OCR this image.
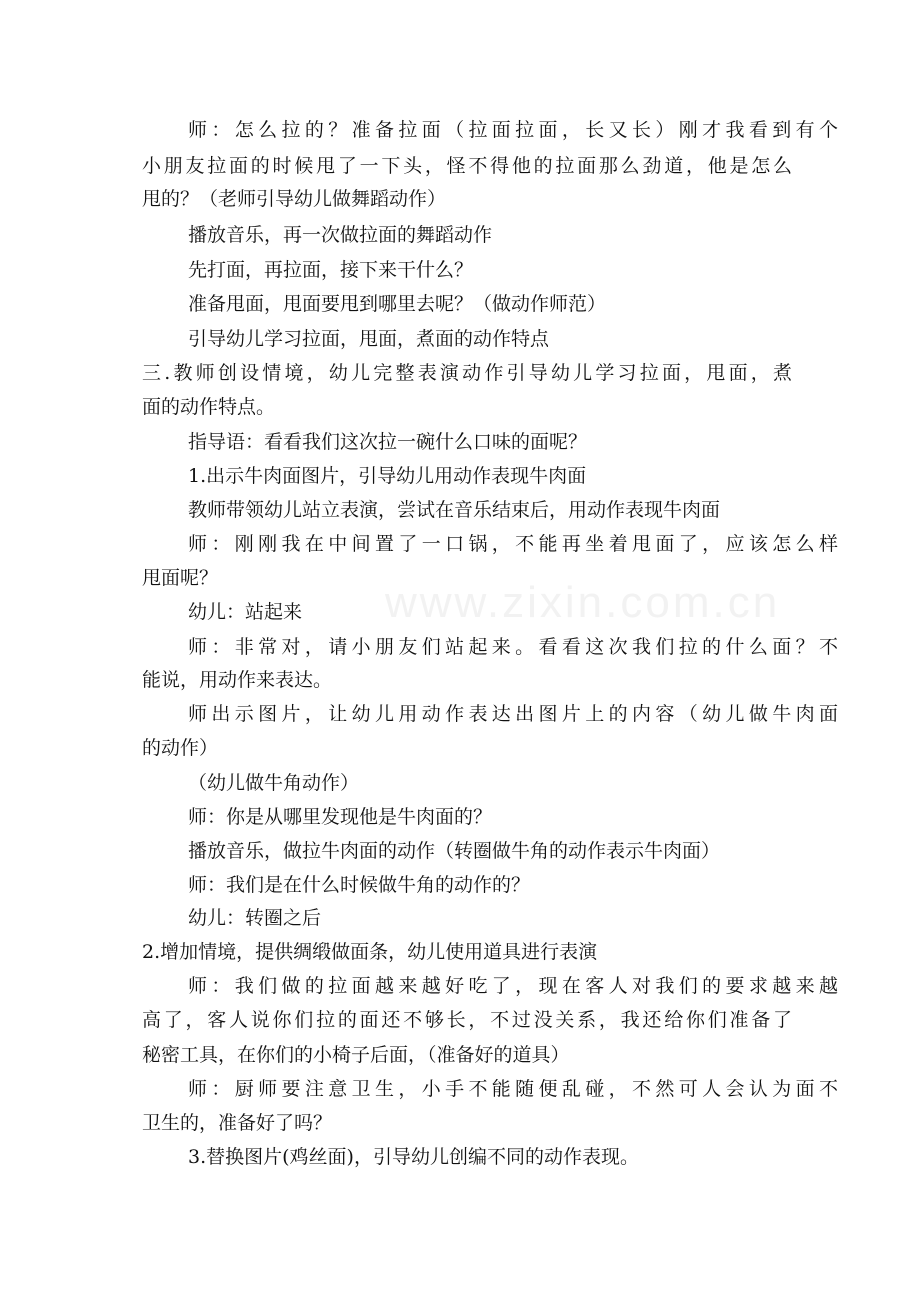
www.zixin.com.cn
师：怎么拉的？准备拉面（拉面拉面，长又长）刚才我看到有个
小朋友拉面的时候甩了一下头，怪不得他的拉面那么劲道，他是怎么
甩的？（老师引导幼儿做舞蹈动作）
播放音乐，再一次做拉面的舞蹈动作
先打面，再拉面，接下来干什么？
准备甩面，甩面要甩到哪里去呢？（做动作师范）
引导幼儿学习拉面，甩面，煮面的动作特点
三.教师创设情境，幼儿完整表演动作引导幼儿学习拉面，甩面，煮
面的动作特点。
指导语：看看我们这次拉一碗什么口味的面呢？
1.出示牛肉面图片，引导幼儿用动作表现牛肉面
教师带领幼儿站立表演，尝试在音乐结束后，用动作表现牛肉面
师：刚刚我在中间置了一口锅，不能再坐着甩面了，应该怎么样
甩面呢？
幼儿：站起来
师：非常对，请小朋友们站起来。看看这次我们拉的什么面？不
能说，用动作来表达。
师出示图片，让幼儿用动作表达出图片上的内容（幼儿做牛肉面
的动作）
（幼儿做牛角动作）
师：你是从哪里发现他是牛肉面的？
播放音乐，做拉牛肉面的动作（转圈做牛角的动作表示牛肉面）
师：我们是在什么时候做牛角的动作的？
幼儿：转圈之后
2.增加情境，提供绸缎做面条，幼儿使用道具进行表演
师：我们做的拉面越来越好吃了，现在客人对我们的要求越来越
高了，客人说你们拉的面还不够长，不过没关系，我还给你们准备了
秘密工具，在你们的小椅子后面，（准备好的道具）
师：厨师要注意卫生，小手不能随便乱碰，不然可人会认为面不
卫生的，准备好了吗？
3.替换图片(鸡丝面)，引导幼儿创编不同的动作表现。
